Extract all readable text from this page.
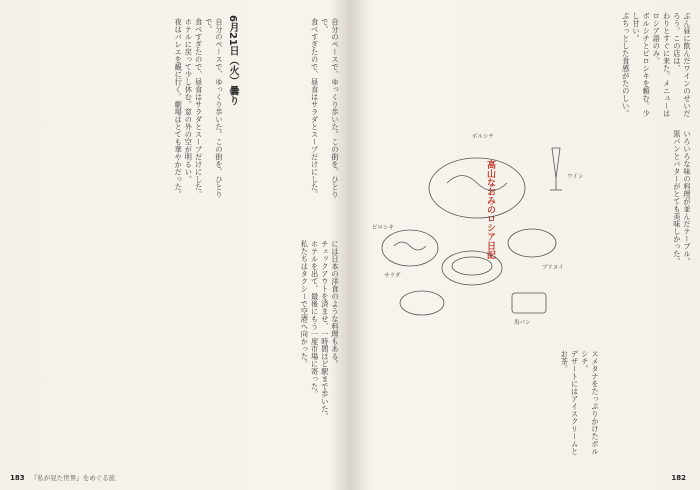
6月21日（火）曇り

自分のペースで、ゆっくり歩いた。この街を、ひとりで。

食べすぎたので、昼食はサラダとスープだけにした。

ホテルに戻って少し休む。窓の外の空が明るい。

夜はバレエを観に行く。劇場はとても華やかだった。	自分のペースで、ゆっくり歩いた。この街を、ひとりで。

食べすぎたので、昼食はサラダとスープだけにした。

には日本の洋食のような料理もある。

チェックアウトを済ませ、一時間ほど駅まで歩いた。

ホテルを出て、最後にもう一度市場に寄った。

私たちはタクシーで空港へ向かった。

183 『私が見た世界』をめぐる旅

ぶん昼に飲んだワインのせいだろう。この店は、

わりとすぐに来た。メニューはロシア語のみ。

ボルシチとピロシキを頼む。少し甘い。

ぶちっとした食感がたのしい。

高山なおみのロシア日記	いろいろな味の料理が並んだテーブル。

黒パンとバターがとても美味しかった。

ボルシチ
ピロシキ
サラダ
ワイン
ブリヌイ
黒パン

スメタナをたっぷりかけたボルシチ。

デザートにはアイスクリームとお茶。

182
